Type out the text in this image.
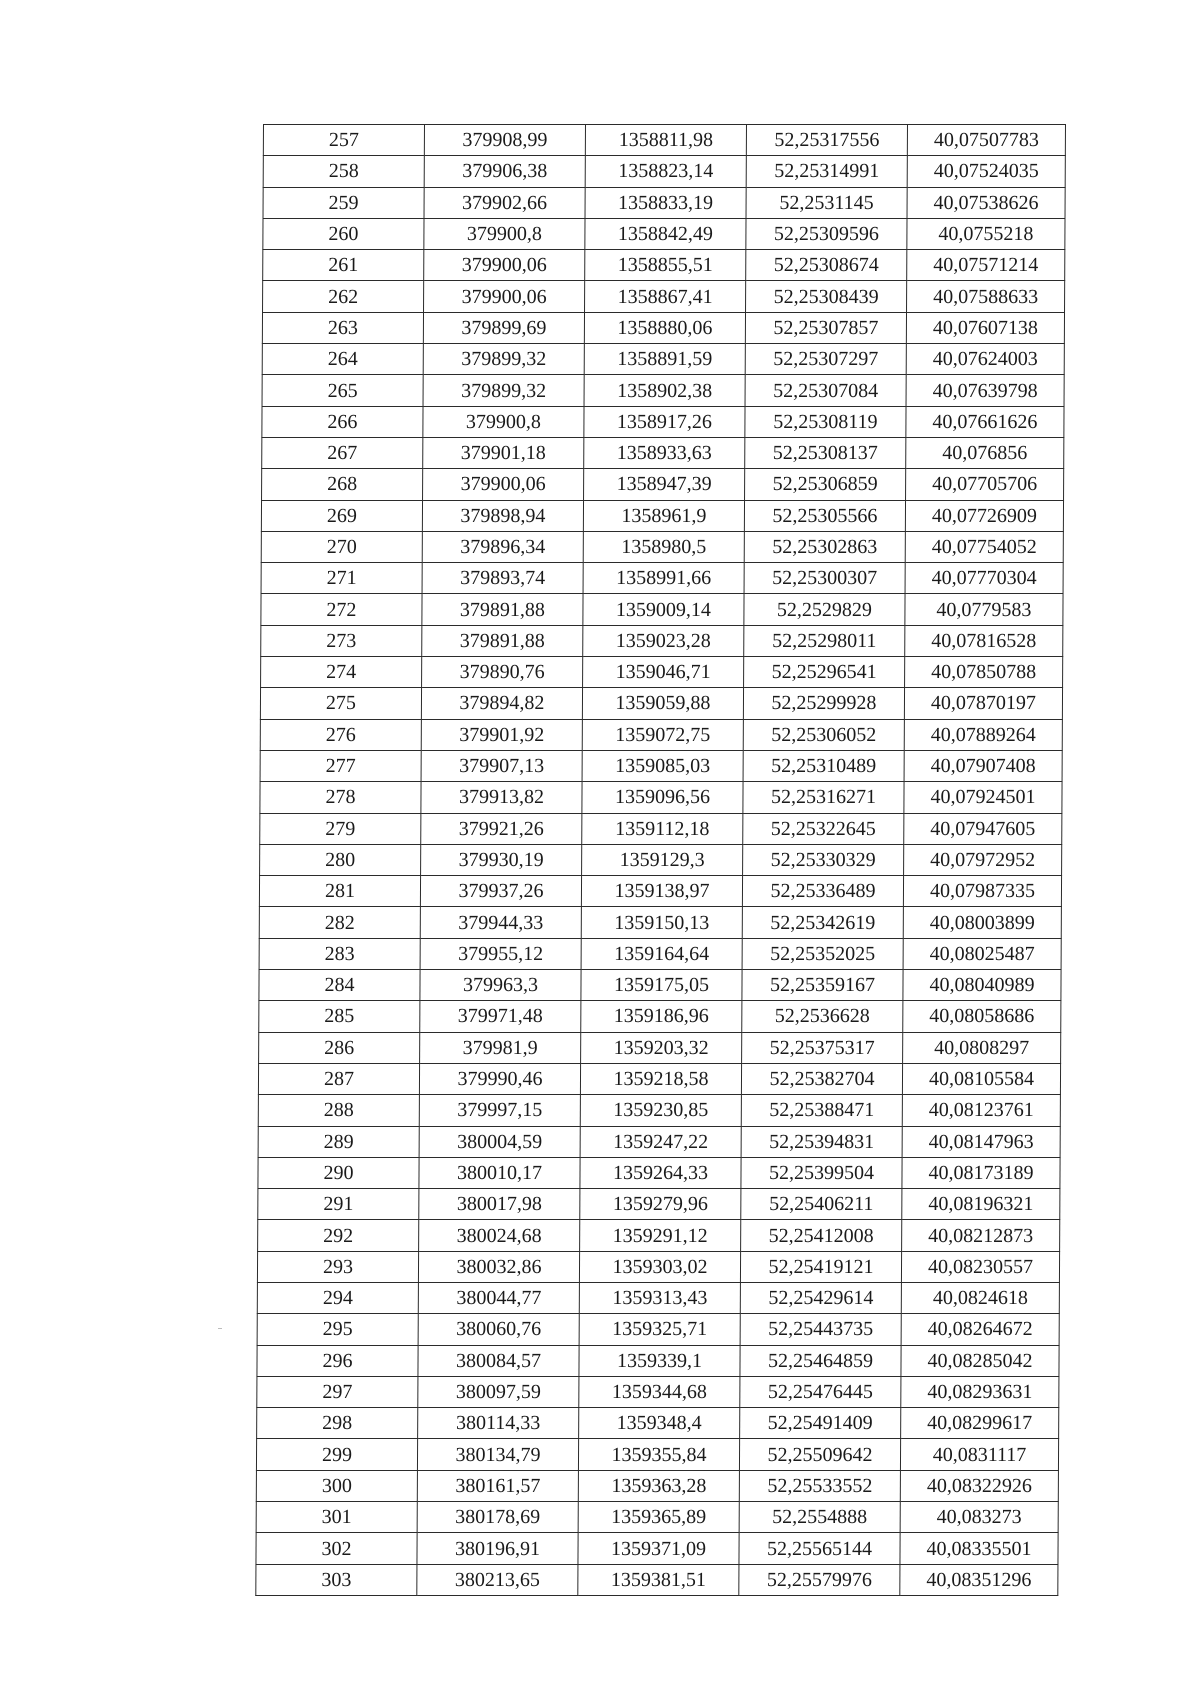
257	379908,99	1358811,98	52,25317556	40,07507783
258	379906,38	1358823,14	52,25314991	40,07524035
259	379902,66	1358833,19	52,2531145	40,07538626
260	379900,8	1358842,49	52,25309596	40,0755218
261	379900,06	1358855,51	52,25308674	40,07571214
262	379900,06	1358867,41	52,25308439	40,07588633
263	379899,69	1358880,06	52,25307857	40,07607138
264	379899,32	1358891,59	52,25307297	40,07624003
265	379899,32	1358902,38	52,25307084	40,07639798
266	379900,8	1358917,26	52,25308119	40,07661626
267	379901,18	1358933,63	52,25308137	40,076856
268	379900,06	1358947,39	52,25306859	40,07705706
269	379898,94	1358961,9	52,25305566	40,07726909
270	379896,34	1358980,5	52,25302863	40,07754052
271	379893,74	1358991,66	52,25300307	40,07770304
272	379891,88	1359009,14	52,2529829	40,0779583
273	379891,88	1359023,28	52,25298011	40,07816528
274	379890,76	1359046,71	52,25296541	40,07850788
275	379894,82	1359059,88	52,25299928	40,07870197
276	379901,92	1359072,75	52,25306052	40,07889264
277	379907,13	1359085,03	52,25310489	40,07907408
278	379913,82	1359096,56	52,25316271	40,07924501
279	379921,26	1359112,18	52,25322645	40,07947605
280	379930,19	1359129,3	52,25330329	40,07972952
281	379937,26	1359138,97	52,25336489	40,07987335
282	379944,33	1359150,13	52,25342619	40,08003899
283	379955,12	1359164,64	52,25352025	40,08025487
284	379963,3	1359175,05	52,25359167	40,08040989
285	379971,48	1359186,96	52,2536628	40,08058686
286	379981,9	1359203,32	52,25375317	40,0808297
287	379990,46	1359218,58	52,25382704	40,08105584
288	379997,15	1359230,85	52,25388471	40,08123761
289	380004,59	1359247,22	52,25394831	40,08147963
290	380010,17	1359264,33	52,25399504	40,08173189
291	380017,98	1359279,96	52,25406211	40,08196321
292	380024,68	1359291,12	52,25412008	40,08212873
293	380032,86	1359303,02	52,25419121	40,08230557
294	380044,77	1359313,43	52,25429614	40,0824618
295	380060,76	1359325,71	52,25443735	40,08264672
296	380084,57	1359339,1	52,25464859	40,08285042
297	380097,59	1359344,68	52,25476445	40,08293631
298	380114,33	1359348,4	52,25491409	40,08299617
299	380134,79	1359355,84	52,25509642	40,0831117
300	380161,57	1359363,28	52,25533552	40,08322926
301	380178,69	1359365,89	52,2554888	40,083273
302	380196,91	1359371,09	52,25565144	40,08335501
303	380213,65	1359381,51	52,25579976	40,08351296
